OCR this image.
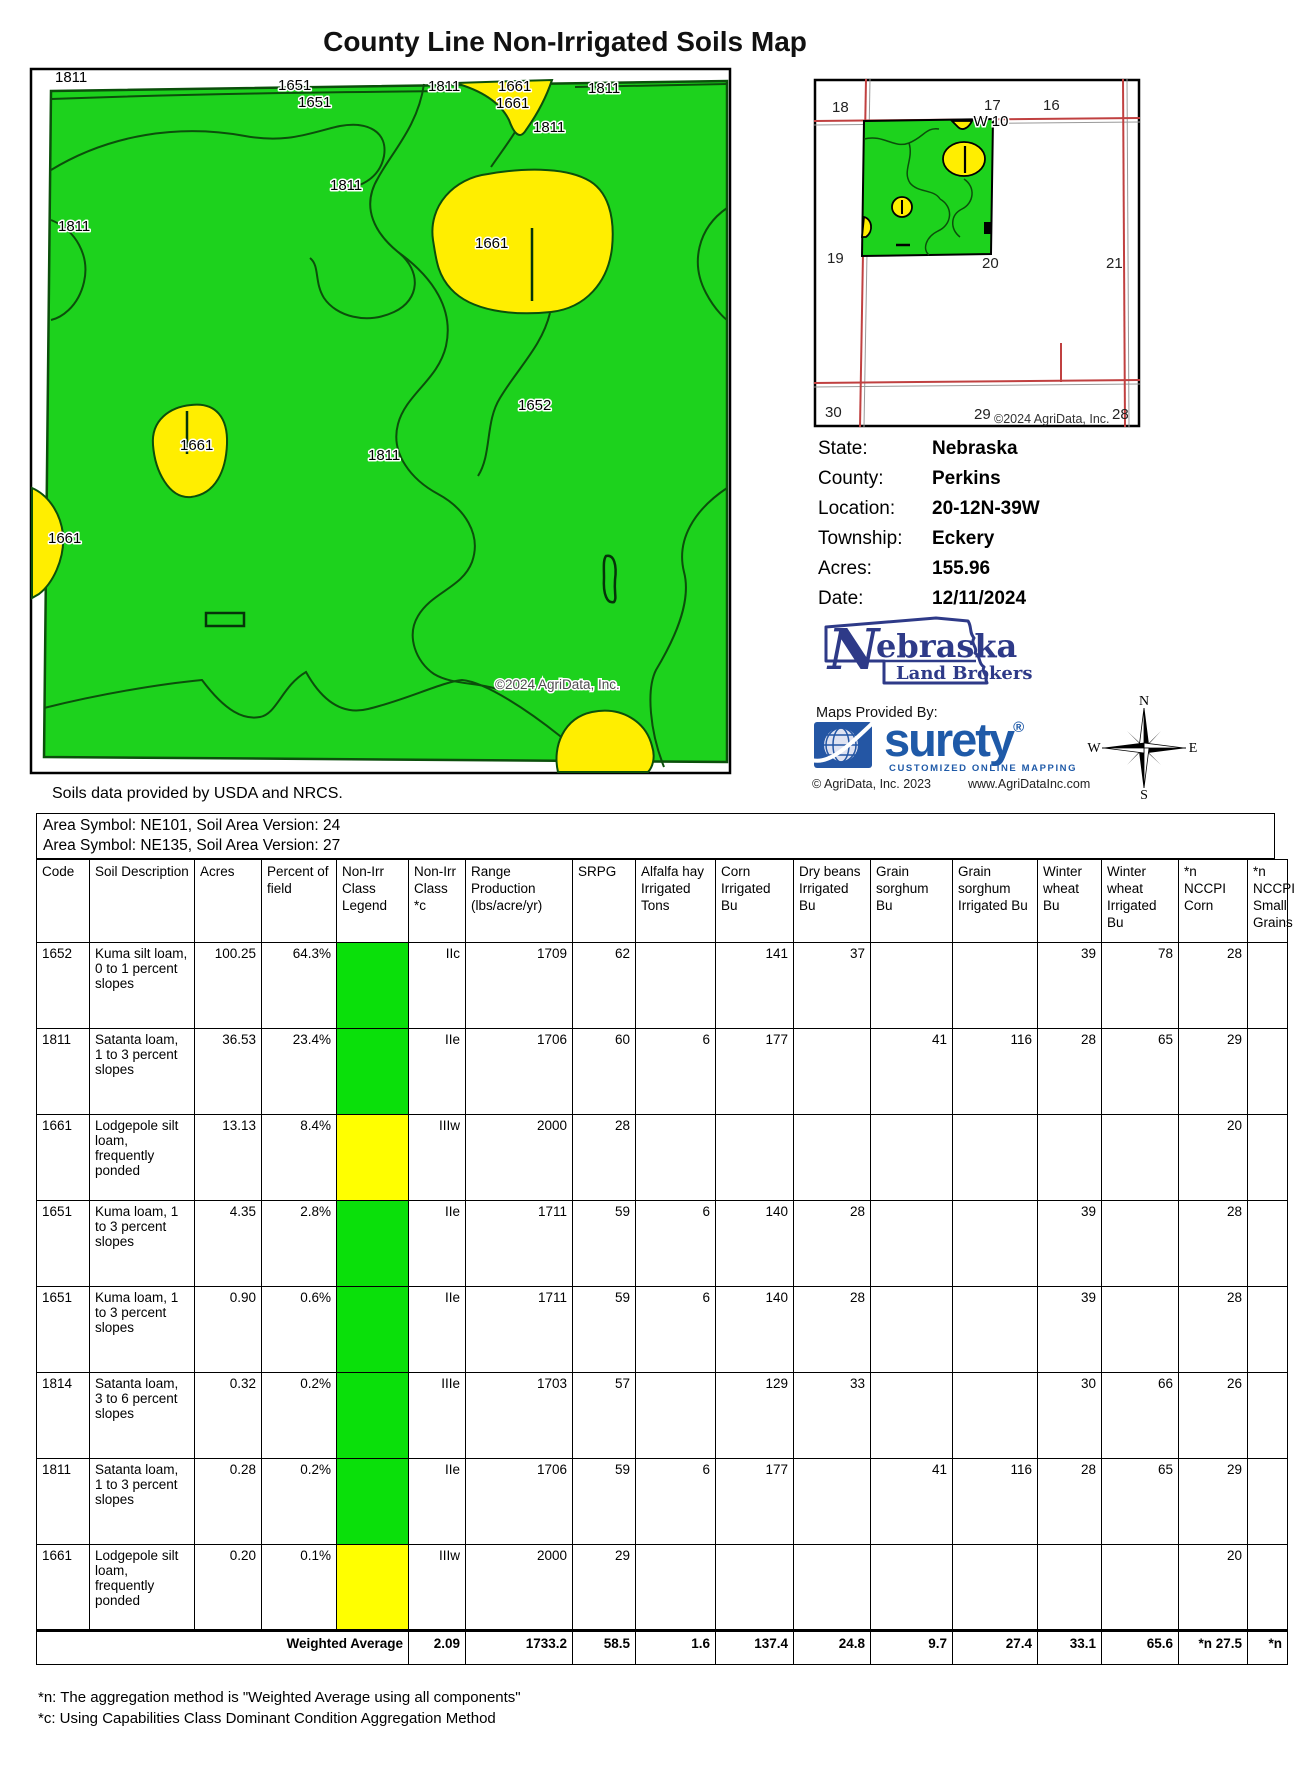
County Line Non-Irrigated Soils Map
1811	1651
1651
1811	1661
1661
1811
1811
1811
1811
1661
1652
1661
1811
1661
©2024 AgriData, Inc.
18	17	16
19	20	21
30	29	28
W 10
©2024 AgriData, Inc.
State:	Nebraska
County:	Perkins
Location: 20-12N-39W
Township: Eckery
Acres:	155.96
Date:	12/11/2024
N
ebraska
Land Brokers
Maps Provided By:
surety®
CUSTOMIZED ONLINE MAPPING
© AgriData, Inc. 2023	www.AgriDataInc.com
N
S
W	E
Soils data provided by USDA and NRCS.
Area Symbol: NE101, Soil Area Version: 24
Area Symbol: NE135, Soil Area Version: 27
Code	Soil Description	Acres	Percent of field	Non-Irr Class Legend	Non-Irr Class *c	Range Production (lbs/acre/yr)	SRPG	Alfalfa hay Irrigated Tons	Corn Irrigated Bu	Dry beans Irrigated Bu	Grain sorghum Bu	Grain sorghum Irrigated Bu	Winter wheat Bu	Winter wheat Irrigated Bu	*n NCCPI Corn	*n NCCPI Small Grains
1652	Kuma silt loam, 0 to 1 percent slopes	100.25	64.3%		IIc	1709	62		141	37			39	78	28	
1811	Satanta loam, 1 to 3 percent slopes	36.53	23.4%		IIe	1706	60	6	177		41	116	28	65	29	
1661	Lodgepole silt loam, frequently ponded	13.13	8.4%		IIIw	2000	28								20	
1651	Kuma loam, 1 to 3 percent slopes	4.35	2.8%		IIe	1711	59	6	140	28			39		28	
1651	Kuma loam, 1 to 3 percent slopes	0.90	0.6%		IIe	1711	59	6	140	28			39		28	
1814	Satanta loam, 3 to 6 percent slopes	0.32	0.2%		IIIe	1703	57		129	33			30	66	26	
1811	Satanta loam, 1 to 3 percent slopes	0.28	0.2%		IIe	1706	59	6	177		41	116	28	65	29	
1661	Lodgepole silt loam, frequently ponded	0.20	0.1%		IIIw	2000	29								20	
Weighted Average					2.09	1733.2	58.5	1.6	137.4	24.8	9.7	27.4	33.1	65.6	*n 27.5	*n
*n: The aggregation method is "Weighted Average using all components"
*c: Using Capabilities Class Dominant Condition Aggregation Method
